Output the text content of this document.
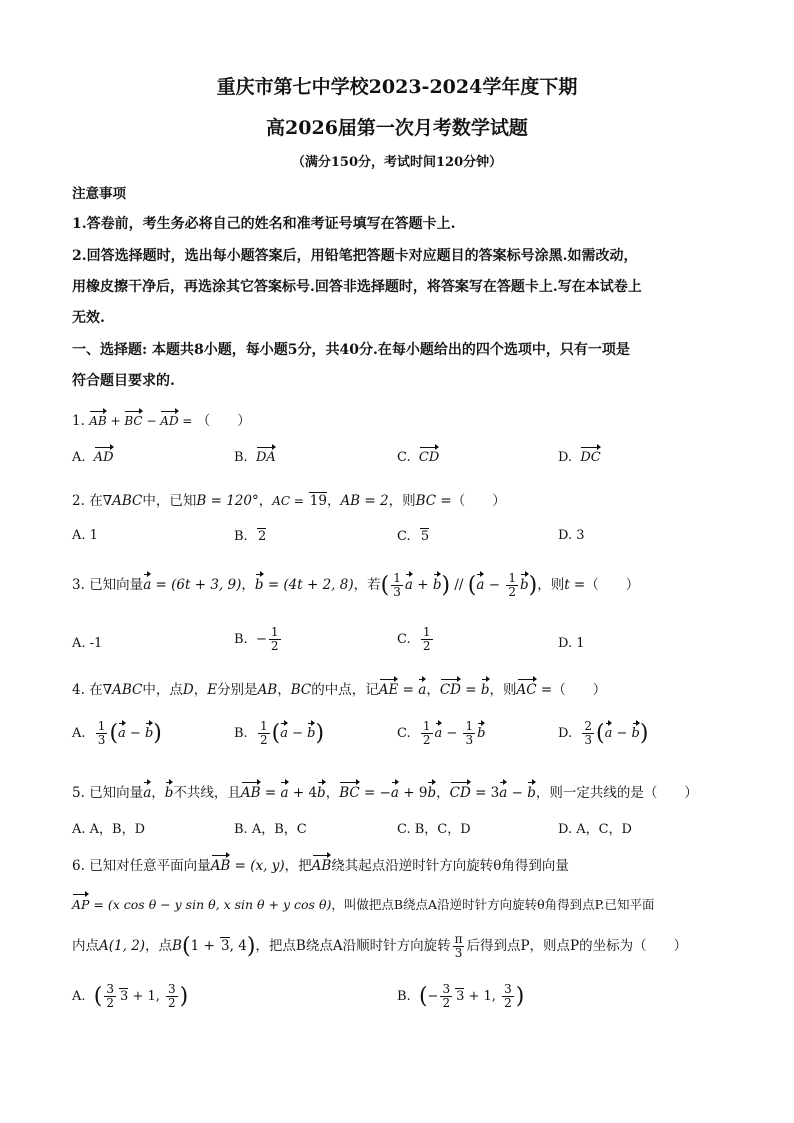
重庆市第七中学校2023-2024学年度下期
高2026届第一次月考数学试题
（满分150分，考试时间120分钟）
注意事项
1.答卷前，考生务必将自己的姓名和准考证号填写在答题卡上.
2.回答选择题时，选出每小题答案后，用铅笔把答题卡对应题目的答案标号涂黑.如需改动，
用橡皮擦干净后，再选涂其它答案标号.回答非选择题时，将答案写在答题卡上.写在本试卷上
无效.
一、选择题: 本题共8小题，每小题5分，共40分.在每小题给出的四个选项中，只有一项是
符合题目要求的.
1. AB + BC − AD = （　　）
A. AD	B. DA	C. CD	D. DC
2. 在∇ABC中，已知B = 120°，AC = 19，AB = 2，则BC =（　　）
A. 1	B. 2	C. 5	D. 3
3. 已知向量a = (6t + 3, 9)，b = (4t + 2, 8)，若( $\frac{1}{3}$ $a + b) // (a - \frac{1}{2} b)$，则t =（　　）
A. -1	B.  − $\frac{1}{2}$	C. $\frac{1}{2}$	D. 1
4. 在∇ABC中，点D，E分别是AB，BC的中点，记AE = a，CD = b，则AC =（　　）
A. $\frac{1}{3} (a - b)$	B. $\frac{1}{2} (a - b)$	C. $\frac{1}{2}$ $a - \frac{1}{3}$ b	D. $\frac{2}{3} (a - b)$
5. 已知向量a，b不共线，且AB = a + 4b，BC = −a + 9b，CD = 3a − b，则一定共线的是（　　）
A. A，B，D	B. A，B，C	C. B，C，D	D. A，C，D
6. 已知对任意平面向量AB = (x, y)，把AB绕其起点沿逆时针方向旋转θ角得到向量
AP = (x cos θ − y sin θ, x sin θ + y cos θ)，叫做把点B绕点A沿逆时针方向旋转θ角得到点P.已知平面
内点A(1, 2)，点B(1 + 3, 4)，把点B绕点A沿顺时针方向旋转 $\frac{\pi}{3}$ 后得到点P，则点P的坐标为（　　）
A. ( $\frac{3}{2} 3 + 1$, $\frac{3}{2}$ )	B. (− $\frac{3}{2} 3 + 1$, $\frac{3}{2}$ )
